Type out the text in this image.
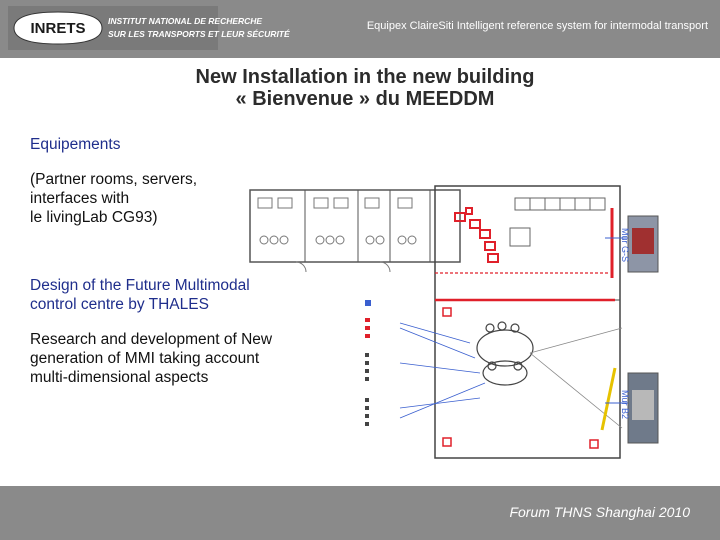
INRETS	INSTITUT NATIONAL DE RECHERCHE
SUR LES TRANSPORTS ET LEUR SÉCURITÉ
Equipex ClaireSiti Intelligent reference system for intermodal transport
New Installation in the new building
« Bienvenue » du MEEDDM
Equipements
(Partner rooms, servers,
interfaces with
le livingLab CG93)
Design of the Future Multimodal
control centre by THALES
Research and development of New
generation of MMI taking account
multi-dimensional aspects
Mur G-S
Mur B2
Forum THNS Shanghai 2010
